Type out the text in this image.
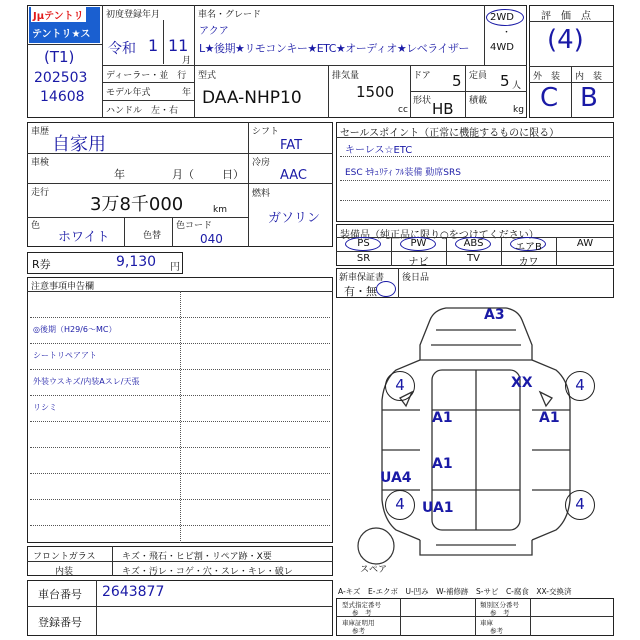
Jμテントリ
テントリ★スター
(T1)
202503
14608
初度登録年月
令和 1 11
月
車名・グレード
アクア
L★後期★リモコンキー★ETC★オーディオ★レベライザー
2WD
・
4WD
評　価　点
(4)
外　装 内　装
C B
ディーラー・並　行
モデル年式	年
ハンドル　左・右
型式
DAA-NHP10
排気量
1500
cc
ドア 5 定員 5 人
形状 HB 積載
kg
車歴
自家用
シフト
FAT
車検
年	月（	日）
冷房
AAC
走行
3万8千000	km
燃料
ガソリン
色
ホワイト	色替
色コード
040
R券	9,130 円
セールスポイント（正常に機能するものに限る）
キーレス☆ETC
ESC ｾｷｭﾘﾃｨ ﾌﾙ装備 動席SRS
装備品（純正品に限り○をつけてください）
PS	PW	ABS	エアB	AW
SR	ナビ	TV	カワ
新車保証書
有・無
後日品
注意事項申告欄
◎後期（H29/6〜MC）
シートリペアアト
外装ウスキズ/内装Aスレ/天張
リシミ
4	4
4	4
A3
XX
A1	A1
A1
UA4
UA1
スペア
フロントガラス	キズ・飛石・ヒビ割・リペア跡・X要
内装	キズ・汚レ・コゲ・穴・スレ・キレ・破レ
車台番号 2643877
登録番号
A-キズ　E-エクボ　U-凹み　W-補修跡　S-サビ　C-腐食　XX-交換済
型式指定番号
参　考
類別区分番号
参　考
車庫証明用
参考
車庫
参考
